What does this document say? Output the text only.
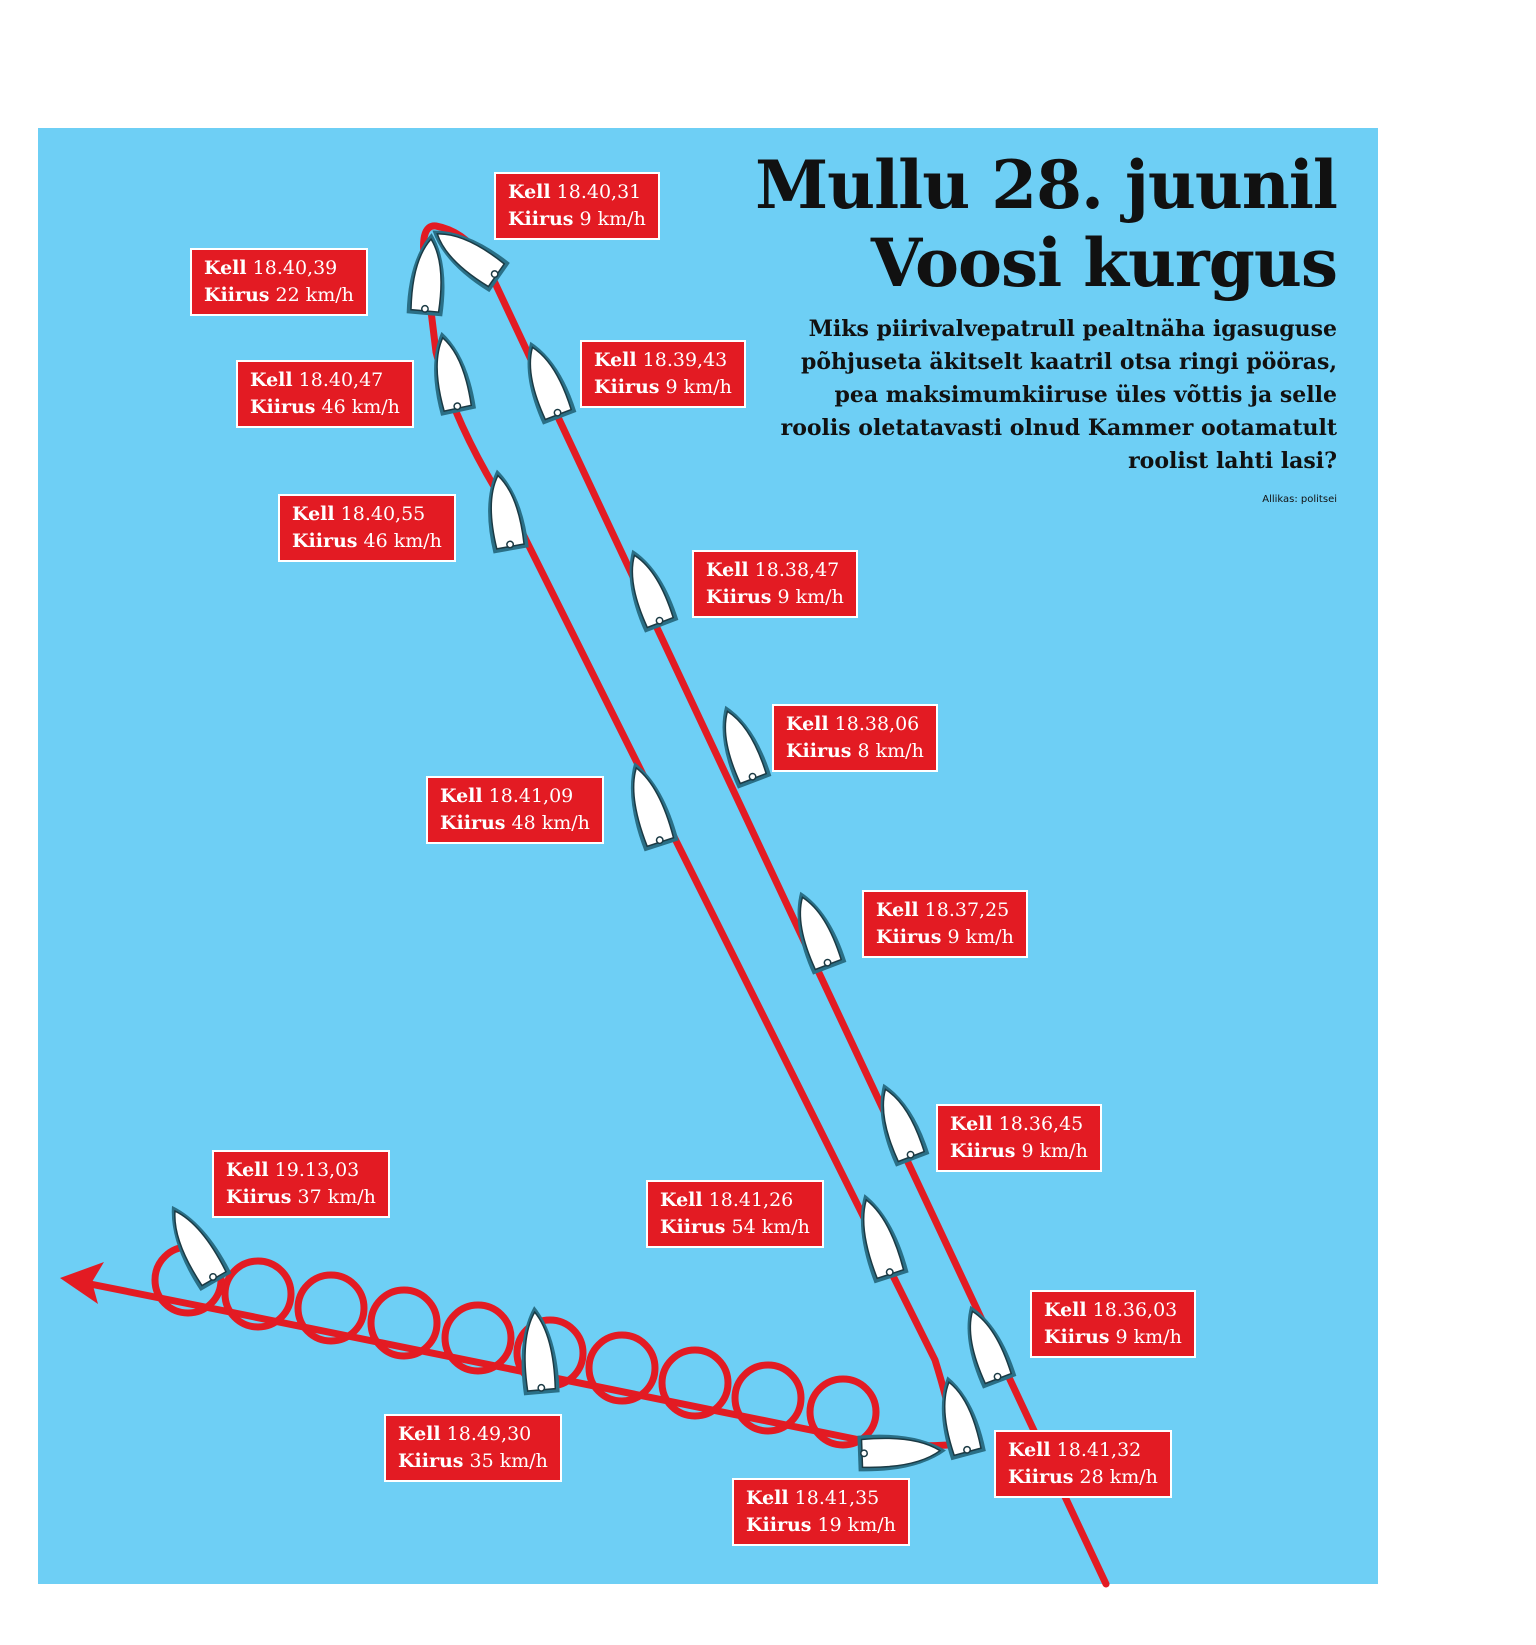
Mullu 28. juunil
Voosi kurgus
Miks piirivalvepatrull pealtnäha igasuguse põhjuseta äkitselt kaatril otsa ringi pööras, pea maksimumkiiruse üles võttis ja selle roolis oletatavasti olnud Kammer ootamatult roolist lahti lasi?
Allikas: politsei
Kell 18.36,03
Kiirus 9 km/h
Kell 18.36,45
Kiirus 9 km/h
Kell 18.37,25
Kiirus 9 km/h
Kell 18.38,06
Kiirus 8 km/h
Kell 18.38,47
Kiirus 9 km/h
Kell 18.39,43
Kiirus 9 km/h
Kell 18.40,31
Kiirus 9 km/h
Kell 18.40,39
Kiirus 22 km/h
Kell 18.40,47
Kiirus 46 km/h
Kell 18.40,55
Kiirus 46 km/h
Kell 18.41,09
Kiirus 48 km/h
Kell 18.41,26
Kiirus 54 km/h
Kell 18.41,32
Kiirus 28 km/h
Kell 18.41,35
Kiirus 19 km/h
Kell 18.49,30
Kiirus 35 km/h
Kell 19.13,03
Kiirus 37 km/h
